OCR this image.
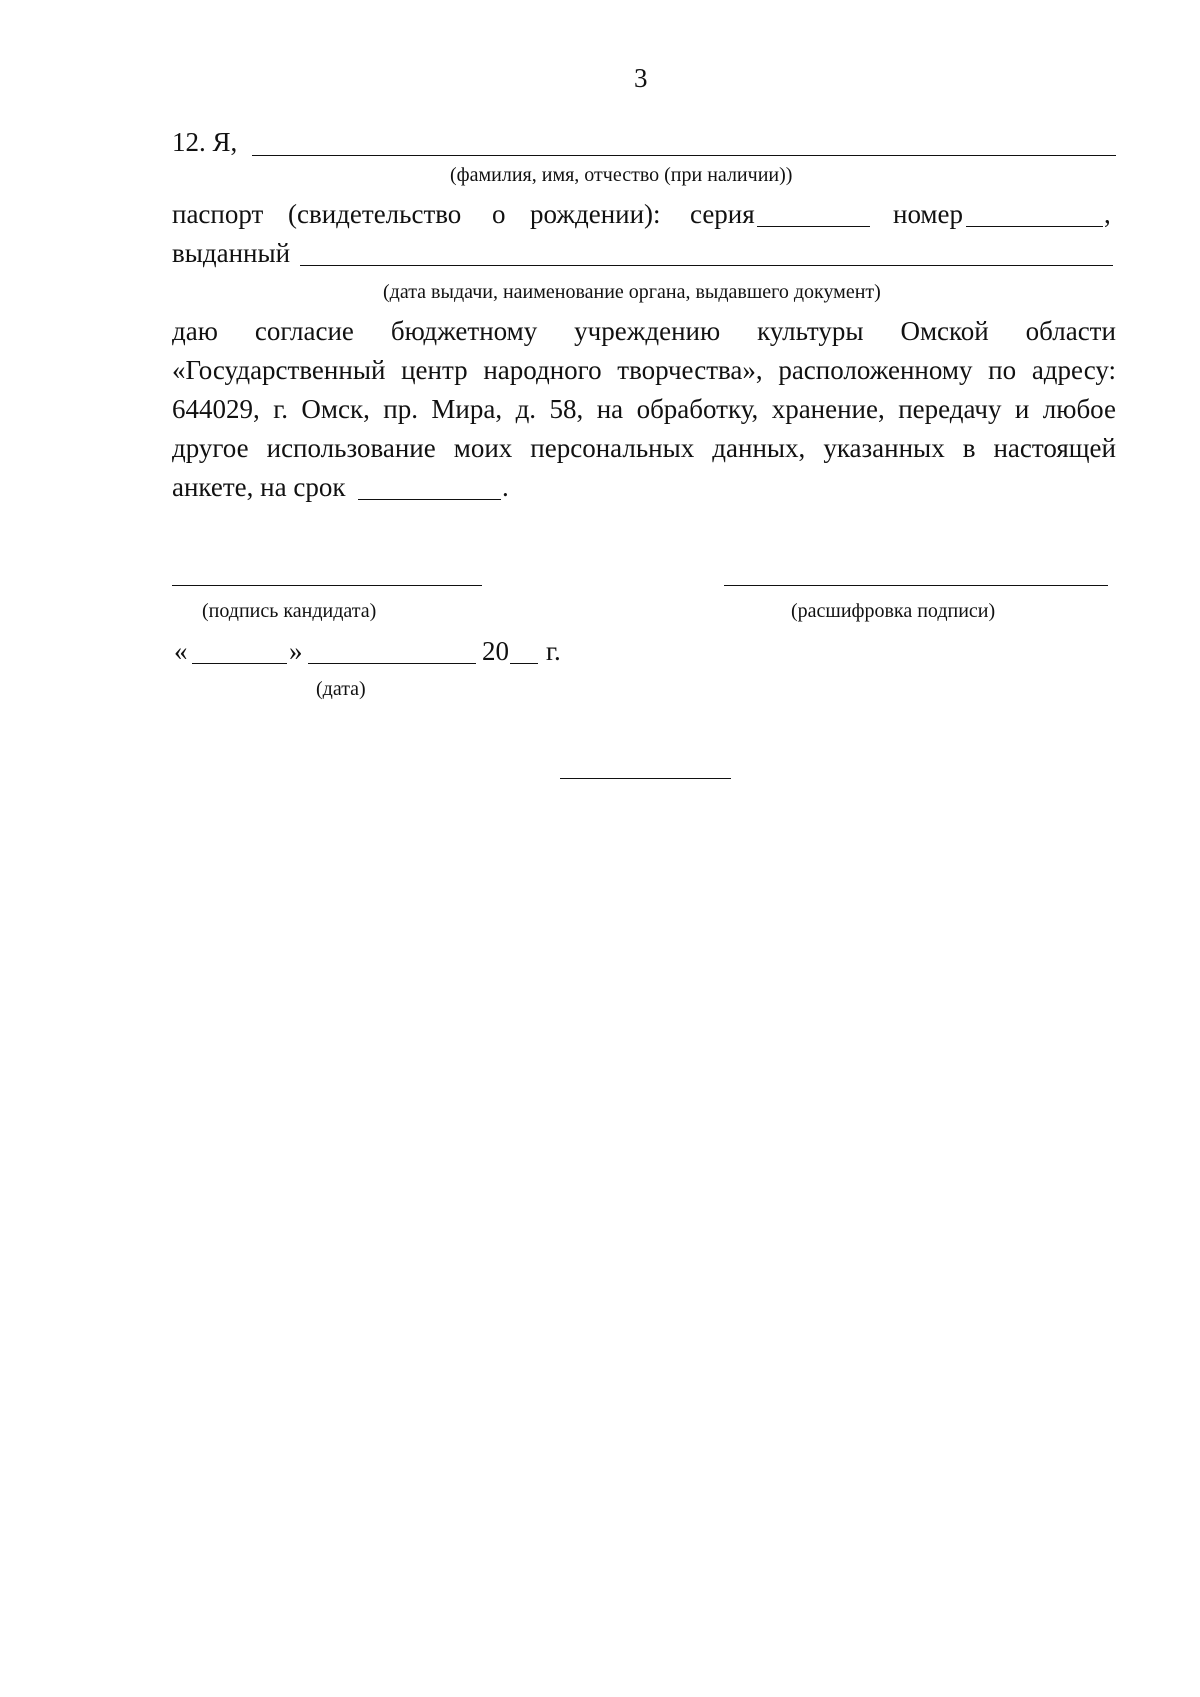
3
12. Я,
(фамилия, имя, отчество (при наличии))
паспорт (свидетельство о рождении): серия	номер	,
выданный
(дата выдачи, наименование органа, выдавшего документ)
даю согласие бюджетному учреждению культуры Омской области
«Государственный центр народного творчества», расположенному по адресу:
644029, г. Омск, пр. Мира, д. 58, на обработку, хранение, передачу и любое
другое использование моих персональных данных, указанных в настоящей
анкете, на срок	.
(подпись кандидата)	(расшифровка подписи)
«	»	20 г.
(дата)
